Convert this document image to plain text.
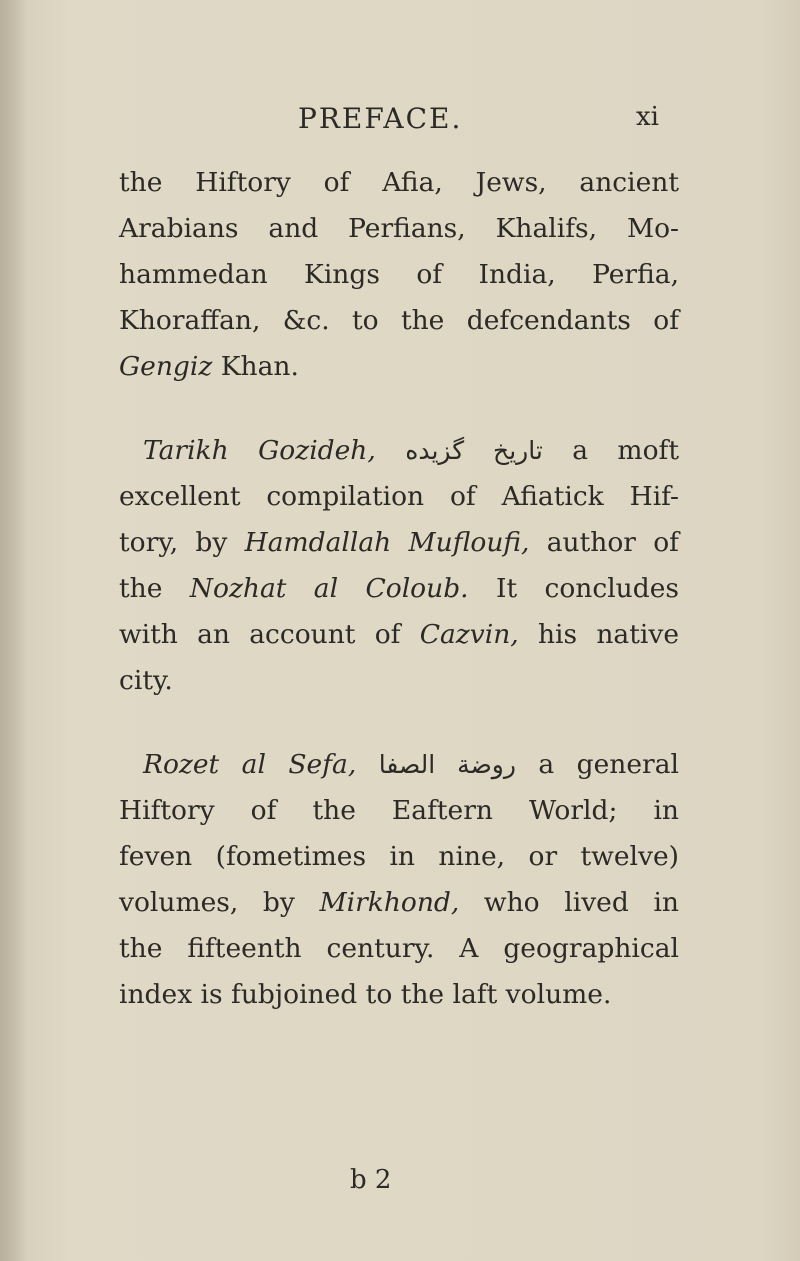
PREFACE.	xi
the Hiftory of Afia, Jews, ancient
Arabians and Perfians, Khalifs, Mo-
hammedan Kings of India, Perfia,
Khoraffan, &c. to the defcendants of
Gengiz Khan.
Tarikh Gozideh, تاریخ گزیده a moft
excellent compilation of Afiatick Hif-
tory, by Hamdallah Mufloufi, author of
the Nozhat al Coloub. It concludes
with an account of Cazvin, his native
city.
Rozet al Sefa, روضة الصفا a general
Hiftory of the Eaftern World; in
feven (fometimes in nine, or twelve)
volumes, by Mirkhond, who lived in
the fifteenth century. A geographical
index is fubjoined to the laft volume.
b 2
